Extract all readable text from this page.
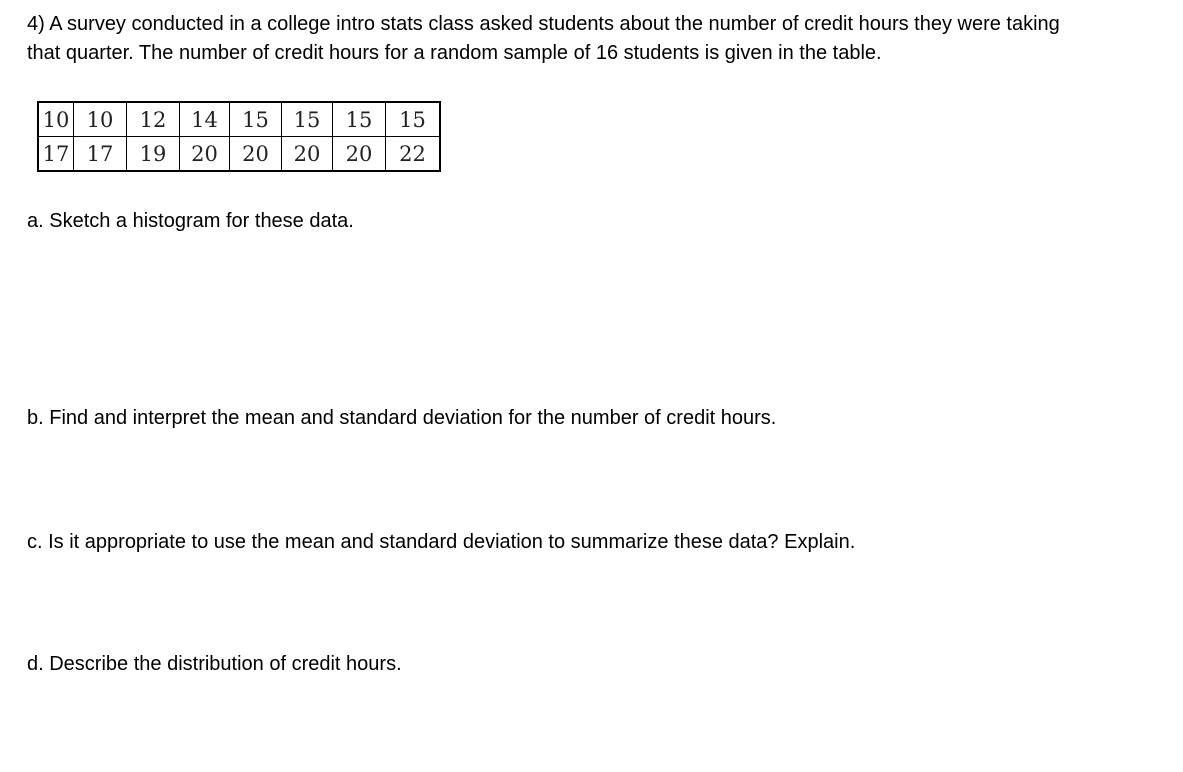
4) A survey conducted in a college intro stats class asked students about the number of credit hours they were taking
that quarter. The number of credit hours for a random sample of 16 students is given in the table.

10	10	12	14	15	15	15	15
17	17	19	20	20	20	20	22

a. Sketch a histogram for these data.

b. Find and interpret the mean and standard deviation for the number of credit hours.

c. Is it appropriate to use the mean and standard deviation to summarize these data? Explain.

d. Describe the distribution of credit hours.
